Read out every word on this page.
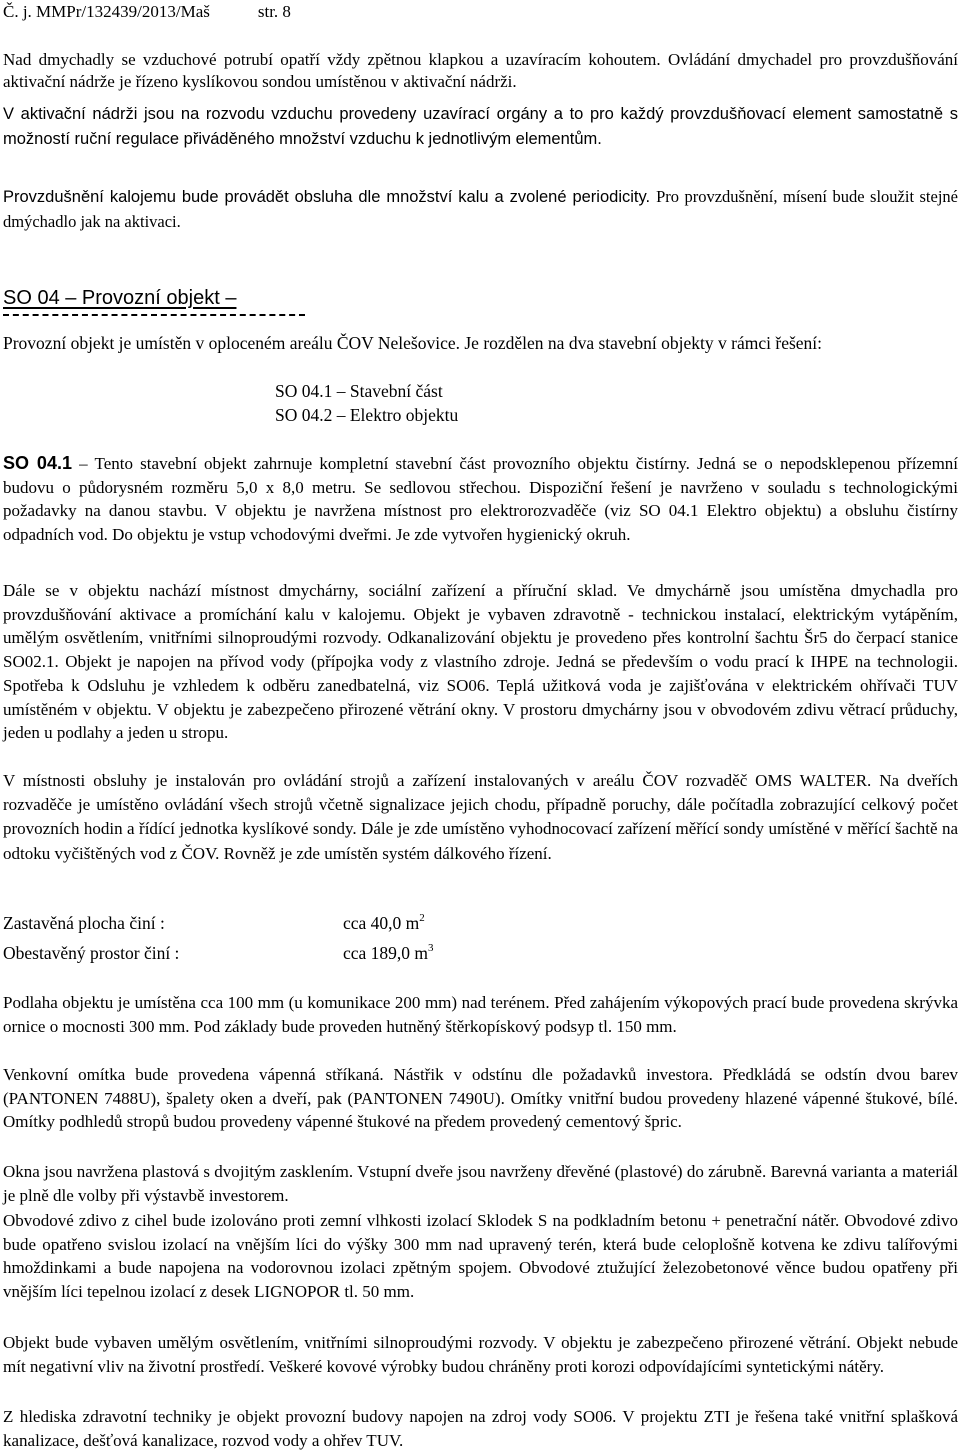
Č. j. MMPr/132439/2013/Maš	str. 8
Nad dmychadly se vzduchové potrubí opatří vždy zpětnou klapkou a uzavíracím kohoutem. Ovládání dmychadel pro provzdušňování aktivační nádrže je řízeno kyslíkovou sondou umístěnou v aktivační nádrži.
V aktivační nádrži jsou na rozvodu vzduchu provedeny uzavírací orgány a to pro každý provzdušňovací element samostatně s možností ruční regulace přiváděného množství vzduchu k jednotlivým elementům.
Provzdušnění kalojemu bude provádět obsluha dle množství kalu a zvolené periodicity. Pro provzdušnění, mísení bude sloužit stejné dmýchadlo jak na aktivaci.
SO 04 – Provozní objekt –
Provozní objekt je umístěn v oploceném areálu ČOV Nelešovice. Je rozdělen na dva stavební objekty v rámci řešení:
SO 04.1 – Stavební část
SO 04.2 – Elektro objektu
SO 04.1 – Tento stavební objekt zahrnuje kompletní stavební část provozního objektu čistírny. Jedná se o nepodsklepenou přízemní budovu o půdorysném rozměru 5,0 x 8,0 metru. Se sedlovou střechou. Dispoziční řešení je navrženo v souladu s technologickými požadavky na danou stavbu. V objektu je navržena místnost pro elektrorozvaděče (viz SO 04.1 Elektro objektu) a obsluhu čistírny odpadních vod. Do objektu je vstup vchodovými dveřmi. Je zde vytvořen hygienický okruh.
Dále se v objektu nachází místnost dmychárny, sociální zařízení a příruční sklad. Ve dmychárně jsou umístěna dmychadla pro provzdušňování aktivace a promíchání kalu v kalojemu. Objekt je vybaven zdravotně - technickou instalací, elektrickým vytápěním, umělým osvětlením, vnitřními silnoproudými rozvody. Odkanalizování objektu je provedeno přes kontrolní šachtu Šr5 do čerpací stanice SO02.1. Objekt je napojen na přívod vody (přípojka vody z vlastního zdroje. Jedná se především o vodu prací k IHPE na technologii. Spotřeba k Odsluhu je vzhledem k odběru zanedbatelná, viz SO06. Teplá užitková voda je zajišťována v elektrickém ohřívači TUV umístěném v objektu. V objektu je zabezpečeno přirozené větrání okny. V prostoru dmychárny jsou v obvodovém zdivu větrací průduchy, jeden u podlahy a jeden u stropu.
V místnosti obsluhy je instalován pro ovládání strojů a zařízení instalovaných v areálu ČOV rozvaděč OMS WALTER. Na dveřích rozvaděče je umístěno ovládání všech strojů včetně signalizace jejich chodu, případně poruchy, dále počítadla zobrazující celkový počet provozních hodin a řídící jednotka kyslíkové sondy. Dále je zde umístěno vyhodnocovací zařízení měřící sondy umístěné v měřící šachtě na odtoku vyčištěných vod z ČOV. Rovněž je zde umístěn systém dálkového řízení.
Zastavěná plocha činí :	cca 40,0 $m^2$
Obestavěný prostor činí :	cca 189,0 $m^3$
Podlaha objektu je umístěna cca 100 mm (u komunikace 200 mm) nad terénem. Před zahájením výkopových prací bude provedena skrývka ornice o mocnosti 300 mm. Pod základy bude proveden hutněný štěrkopískový podsyp tl. 150 mm.
Venkovní omítka bude provedena vápenná stříkaná. Nástřik v odstínu dle požadavků investora. Předkládá se odstín dvou barev (PANTONEN 7488U), špalety oken a dveří, pak (PANTONEN 7490U). Omítky vnitřní budou provedeny hlazené vápenné štukové, bílé. Omítky podhledů stropů budou provedeny vápenné štukové na předem provedený cementový špric.
Okna jsou navržena plastová s dvojitým zasklením. Vstupní dveře jsou navrženy dřevěné (plastové) do zárubně. Barevná varianta a materiál je plně dle volby při výstavbě investorem.
Obvodové zdivo z cihel bude izolováno proti zemní vlhkosti izolací Sklodek S na podkladním betonu + penetrační nátěr. Obvodové zdivo bude opatřeno svislou izolací na vnějším líci do výšky 300 mm nad upravený terén, která bude celoplošně kotvena ke zdivu talířovými hmoždinkami a bude napojena na vodorovnou izolaci zpětným spojem. Obvodové ztužující železobetonové věnce budou opatřeny při vnějším líci tepelnou izolací z desek LIGNOPOR tl. 50 mm.
Objekt bude vybaven umělým osvětlením, vnitřními silnoproudými rozvody. V objektu je zabezpečeno přirozené větrání. Objekt nebude mít negativní vliv na životní prostředí. Veškeré kovové výrobky budou chráněny proti korozi odpovídajícími syntetickými nátěry.
Z hlediska zdravotní techniky je objekt provozní budovy napojen na zdroj vody SO06. V projektu ZTI je řešena také vnitřní splašková kanalizace, dešťová kanalizace, rozvod vody a ohřev TUV.
